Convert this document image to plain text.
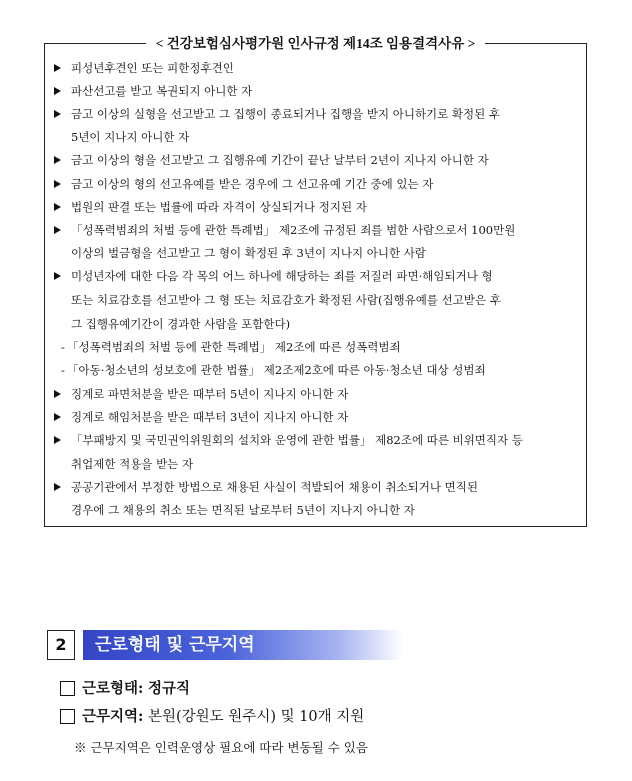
< 건강보험심사평가원 인사규정 제14조 임용결격사유 >
피성년후견인 또는 피한정후견인
파산선고를 받고 복권되지 아니한 자
금고 이상의 실형을 선고받고 그 집행이 종료되거나 집행을 받지 아니하기로 확정된 후
5년이 지나지 아니한 자
금고 이상의 형을 선고받고 그 집행유예 기간이 끝난 날부터 2년이 지나지 아니한 자
금고 이상의 형의 선고유예를 받은 경우에 그 선고유예 기간 중에 있는 자
법원의 판결 또는 법률에 따라 자격이 상실되거나 정지된 자
「성폭력범죄의 처벌 등에 관한 특례법」 제2조에 규정된 죄를 범한 사람으로서 100만원
이상의 벌금형을 선고받고 그 형이 확정된 후 3년이 지나지 아니한 사람
미성년자에 대한 다음 각 목의 어느 하나에 해당하는 죄를 저질러 파면·해임되거나 형
또는 치료감호를 선고받아 그 형 또는 치료감호가 확정된 사람(집행유예를 선고받은 후
그 집행유예기간이 경과한 사람을 포함한다)
- 「성폭력범죄의 처벌 등에 관한 특례법」 제2조에 따른 성폭력범죄
- 「아동·청소년의 성보호에 관한 법률」 제2조제2호에 따른 아동·청소년 대상 성범죄
징계로 파면처분을 받은 때부터 5년이 지나지 아니한 자
징계로 해임처분을 받은 때부터 3년이 지나지 아니한 자
「부패방지 및 국민권익위원회의 설치와 운영에 관한 법률」 제82조에 따른 비위면직자 등
취업제한 적용을 받는 자
공공기관에서 부정한 방법으로 채용된 사실이 적발되어 채용이 취소되거나 면직된
경우에 그 채용의 취소 또는 면직된 날로부터 5년이 지나지 아니한 자
2	근로형태 및 근무지역
근로형태: 정규직
근무지역: 본원(강원도 원주시) 및 10개 지원
※ 근무지역은 인력운영상 필요에 따라 변동될 수 있음
